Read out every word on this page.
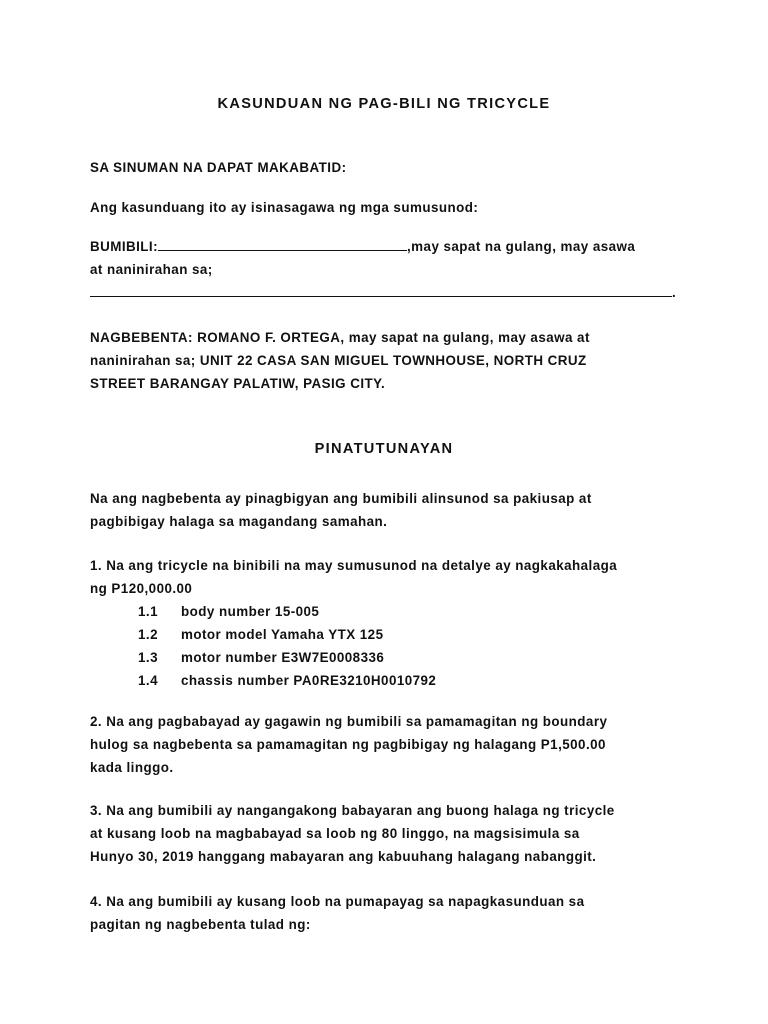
KASUNDUAN NG PAG-BILI NG TRICYCLE
SA SINUMAN NA DAPAT MAKABATID:
Ang kasunduang ito ay isinasagawa ng mga sumusunod:
BUMIBILI:	,may sapat na gulang, may asawa
at naninirahan sa;
.
NAGBEBENTA: ROMANO F. ORTEGA, may sapat na gulang, may asawa at
naninirahan sa; UNIT 22 CASA SAN MIGUEL TOWNHOUSE, NORTH CRUZ
STREET BARANGAY PALATIW, PASIG CITY.
PINATUTUNAYAN
Na ang nagbebenta ay pinagbigyan ang bumibili alinsunod sa pakiusap at
pagbibigay halaga sa magandang samahan.
1. Na ang tricycle na binibili na may sumusunod na detalye ay nagkakahalaga
ng P120,000.00
1.1 body number 15-005
1.2 motor model Yamaha YTX 125
1.3 motor number E3W7E0008336
1.4 chassis number PA0RE3210H0010792
2. Na ang pagbabayad ay gagawin ng bumibili sa pamamagitan ng boundary
hulog sa nagbebenta sa pamamagitan ng pagbibigay ng halagang P1,500.00
kada linggo.
3. Na ang bumibili ay nangangakong babayaran ang buong halaga ng tricycle
at kusang loob na magbabayad sa loob ng 80 linggo, na magsisimula sa
Hunyo 30, 2019 hanggang mabayaran ang kabuuhang halagang nabanggit.
4. Na ang bumibili ay kusang loob na pumapayag sa napagkasunduan sa
pagitan ng nagbebenta tulad ng:
